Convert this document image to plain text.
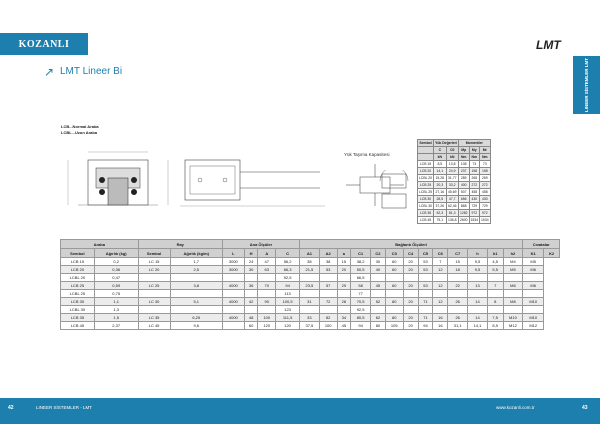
KOZANLI	LMT
↗ LMT Lineer Bi	LINEER SİSTEMLER LMT
LCB...Normal Araba
LCBL...Uzun Araba
Yük Taşıma Kapasitesi
Sembol	Yük Değerleri		Momentler		
	C	C0	Mp	My	Mr
	kN	kN	Nm	Nm	Nm
LCB 15	8,5	13,8	108	73	73
LCB 20	14,1	24,9	237	158	158
LCBL 20	15,28	31,77	289	265	269
LCB 25	20,3	33,2	400	272	272
LCBL 25	27,16	45,69	507	458	458
LCB 30	28,5	47,7	656	430	430
LCBL 30	37,26	62,46	868	729	729
LCB 35	52,3	81,3	1282	972	972
LCB 45	75,1	136,8	2600	1534	1534
Araba		Ray		Ana Ölçüler				Bağlantı Ölçüleri													Cıvatalar	
Sembol	Ağırlık (kg)	Sembol	Ağırlık (kg/m)	L	H	A	C	A1	A2	a	C1	C2	C3	C4	C5	C6	C7	h	h1	h2	K1	K2
LCB 15	0,2	LC 15	1,7	3000	24	47	56,2	38	38	15	38,2	30	60	20	53	7	15	9,5	4,5	M4	M5	
LCB 20	0,36	LC 20	2,5	3000	30	63	66,3	21,5	53	20	50,5	40	60	20	53	12	18	9,5	5,5	M5	M6	
LCBL 20	0,47						92,5				66,5											
LCB 25	0,59	LC 25	3,8	4000	36	70	94	23,5	57	29	58	45	60	20	53	12	22	13	7	M6	M6	
LCBL 25	0,75						113				77											
LCB 30	1,1	LC 30	5,1	4000	42	90	100,5	31	72	28	70,5	52	80	20	71	12	26	14	8	M8	M10	
LCBL 30	1,3						123				92,5											
LCB 35	1,5	LC 35	6,25	4000	48	100	111,5	33	82	34	80,5	62	80	20	71	16	26	14	7,5	M10	M10	
LCB 45	2,37	LC 45	9,6		60	120	120	37,5	100	45	94	80	105	20	94	16	31,1	14,1	8,9	M12	M12	
42	LINEER SİSTEMLER - LMT	www.kozanli.com.tr	43
